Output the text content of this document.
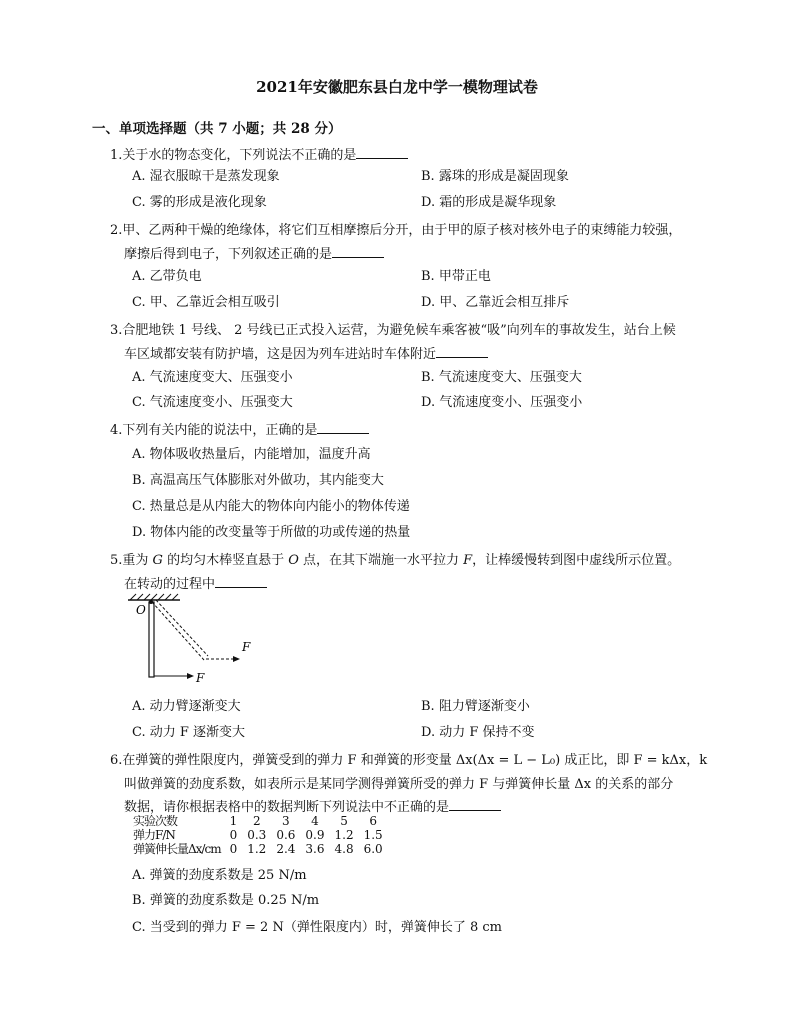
2021年安徽肥东县白龙中学一模物理试卷
一、单项选择题（共 7 小题；共 28 分）
1.关于水的物态变化，下列说法不正确的是
A. 湿衣服晾干是蒸发现象	B. 露珠的形成是凝固现象
C. 雾的形成是液化现象	D. 霜的形成是凝华现象
2.甲、乙两种干燥的绝缘体，将它们互相摩擦后分开，由于甲的原子核对核外电子的束缚能力较强，
摩擦后得到电子，下列叙述正确的是
A. 乙带负电	B. 甲带正电
C. 甲、乙靠近会相互吸引	D. 甲、乙靠近会相互排斥
3.合肥地铁 1 号线、 2 号线已正式投入运营，为避免候车乘客被“吸”向列车的事故发生，站台上候
车区域都安装有防护墙，这是因为列车进站时车体附近
A. 气流速度变大、压强变小	B. 气流速度变大、压强变大
C. 气流速度变小、压强变大	D. 气流速度变小、压强变小
4.下列有关内能的说法中，正确的是
A. 物体吸收热量后，内能增加，温度升高
B. 高温高压气体膨胀对外做功，其内能变大
C. 热量总是从内能大的物体向内能小的物体传递
D. 物体内能的改变量等于所做的功或传递的热量
5.重为 G 的均匀木棒竖直悬于 O 点，在其下端施一水平拉力 F，让棒缓慢转到图中虚线所示位置。
在转动的过程中
F
F
O
A. 动力臂逐渐变大	B. 阻力臂逐渐变小
C. 动力 F 逐渐变大	D. 动力 F 保持不变
6.在弹簧的弹性限度内，弹簧受到的弹力 F 和弹簧的形变量 Δx(Δx = L − L₀) 成正比，即 F = kΔx，k
叫做弹簧的劲度系数，如表所示是某同学测得弹簧所受的弹力 F 与弹簧伸长量 Δx 的关系的部分
数据，请你根据表格中的数据判断下列说法中不正确的是
实验次数	1	2	3	4	5	6
弹力F/N	0	0.3	0.6	0.9	1.2	1.5
弹簧伸长量Δx/cm	0	1.2	2.4	3.6	4.8	6.0
A. 弹簧的劲度系数是 25 N/m
B. 弹簧的劲度系数是 0.25 N/m
C. 当受到的弹力 F = 2 N（弹性限度内）时，弹簧伸长了 8 cm
